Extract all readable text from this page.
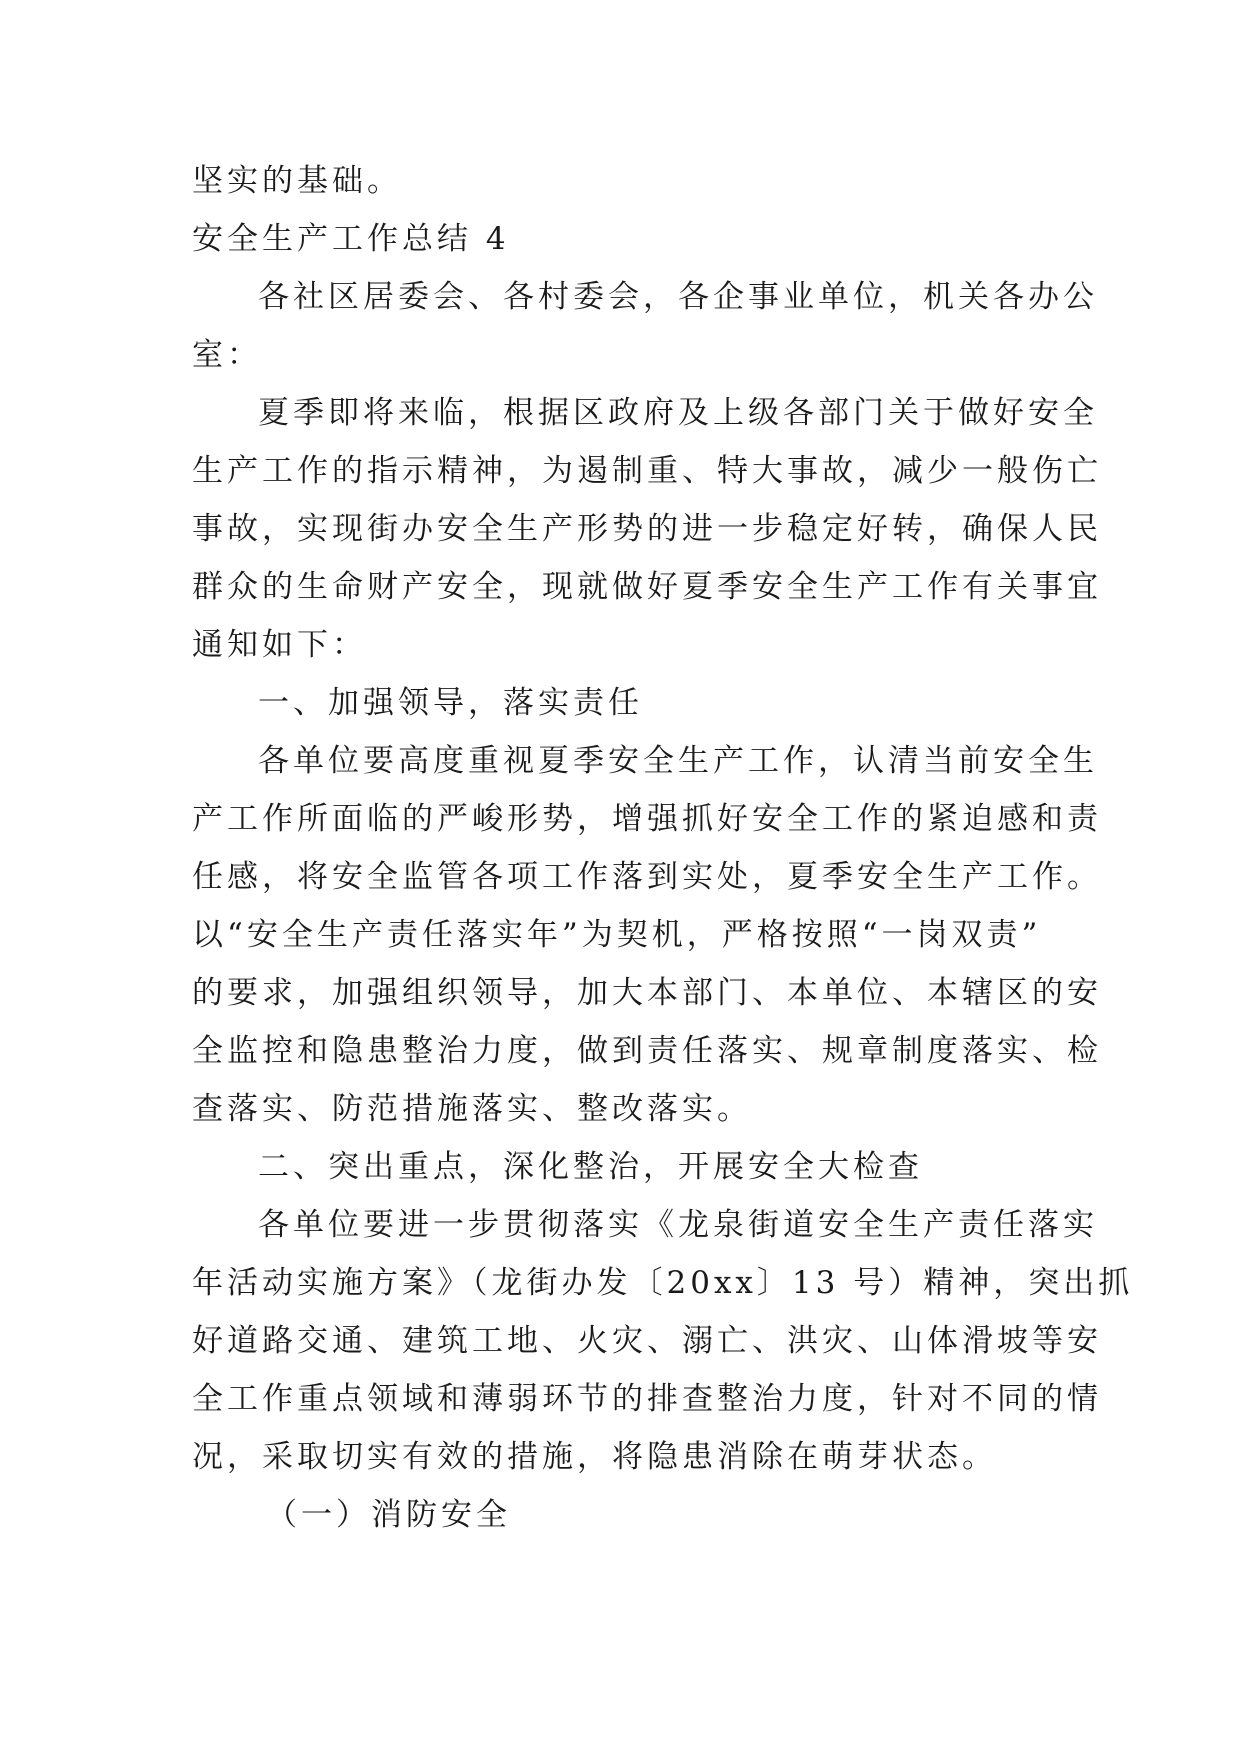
坚实的基础。
安全生产工作总结 4
各社区居委会、各村委会，各企事业单位，机关各办公
室：
夏季即将来临，根据区政府及上级各部门关于做好安全
生产工作的指示精神，为遏制重、特大事故，减少一般伤亡
事故，实现街办安全生产形势的进一步稳定好转，确保人民
群众的生命财产安全，现就做好夏季安全生产工作有关事宜
通知如下：
一、加强领导，落实责任
各单位要高度重视夏季安全生产工作，认清当前安全生
产工作所面临的严峻形势，增强抓好安全工作的紧迫感和责
任感，将安全监管各项工作落到实处，夏季安全生产工作。
以“安全生产责任落实年”为契机，严格按照“一岗双责”
的要求，加强组织领导，加大本部门、本单位、本辖区的安
全监控和隐患整治力度，做到责任落实、规章制度落实、检
查落实、防范措施落实、整改落实。
二、突出重点，深化整治，开展安全大检查
各单位要进一步贯彻落实《龙泉街道安全生产责任落实
年活动实施方案》（龙街办发〔20xx〕13 号）精神，突出抓
好道路交通、建筑工地、火灾、溺亡、洪灾、山体滑坡等安
全工作重点领域和薄弱环节的排查整治力度，针对不同的情
况，采取切实有效的措施，将隐患消除在萌芽状态。
（一）消防安全
